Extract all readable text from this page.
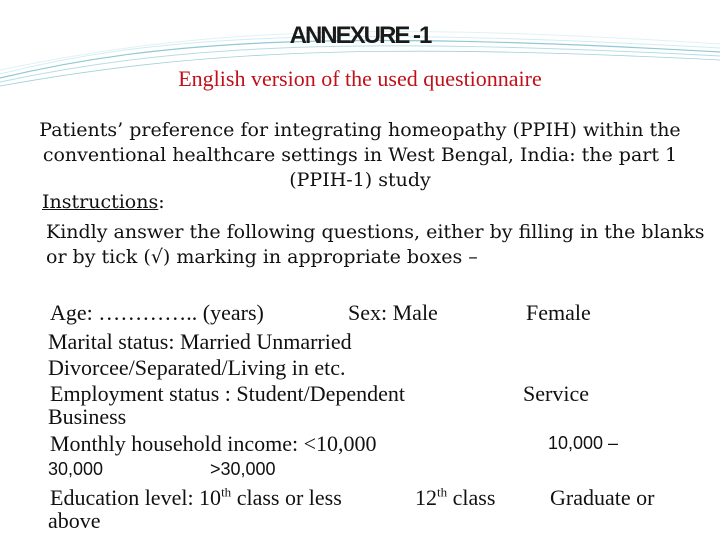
ANNEXURE -1
English version of the used questionnaire
Patients’ preference for integrating homeopathy (PPIH) within the conventional healthcare settings in West Bengal, India: the part 1 (PPIH-1) study
Instructions:
Kindly answer the following questions, either by filling in the blanks or by tick (√) marking in appropriate boxes –
Age: ………….. (years)	Sex: Male	Female
Marital status: Married Unmarried
Divorcee/Separated/Living in etc.
Employment status : Student/Dependent	Service
Business
Monthly household income: <10,000	10,000 –
30,000	>30,000
Education level: 10th class or less	12th class Graduate or
above
